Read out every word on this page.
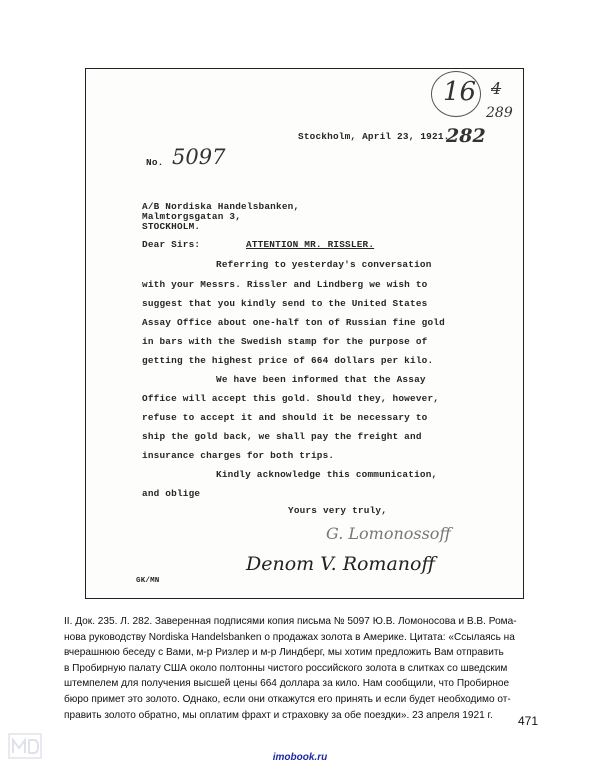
16 4
289
Stockholm, April 23, 1921.
282
No. 5097
A/B Nordiska Handelsbanken,
Malmtorgsgatan 3,
STOCKHOLM.
Dear Sirs:	ATTENTION MR. RISSLER.
Referring to yesterday's conversation
with your Messrs. Rissler and Lindberg we wish to
suggest that you kindly send to the United States
Assay Office about one-half ton of Russian fine gold
in bars with the Swedish stamp for the purpose of
getting the highest price of 664 dollars per kilo.
We have been informed that the Assay
Office will accept this gold. Should they, however,
refuse to accept it and should it be necessary to
ship the gold back, we shall pay the freight and
insurance charges for both trips.
Kindly acknowledge this communication,
and oblige
Yours very truly,
G. Lomonossoff
Denom V. Romanoff
GK/MN
II. Док. 235. Л. 282. Заверенная подписями копия письма № 5097 Ю.В. Ломоносова и В.В. Рома-
нова руководству Nordiska Handelsbanken о продажах золота в Америке. Цитата: «Ссылаясь на
вчерашнюю беседу с Вами, м-р Ризлер и м-р Линдберг, мы хотим предложить Вам отправить
в Пробирную палату США около полтонны чистого российского золота в слитках со шведским
штемпелем для получения высшей цены 664 доллара за кило. Нам сообщили, что Пробирное
бюро примет это золото. Однако, если они откажутся его принять и если будет необходимо от-
править золото обратно, мы оплатим фрахт и страховку за обе поездки». 23 апреля 1921 г.	471
imobook.ru
